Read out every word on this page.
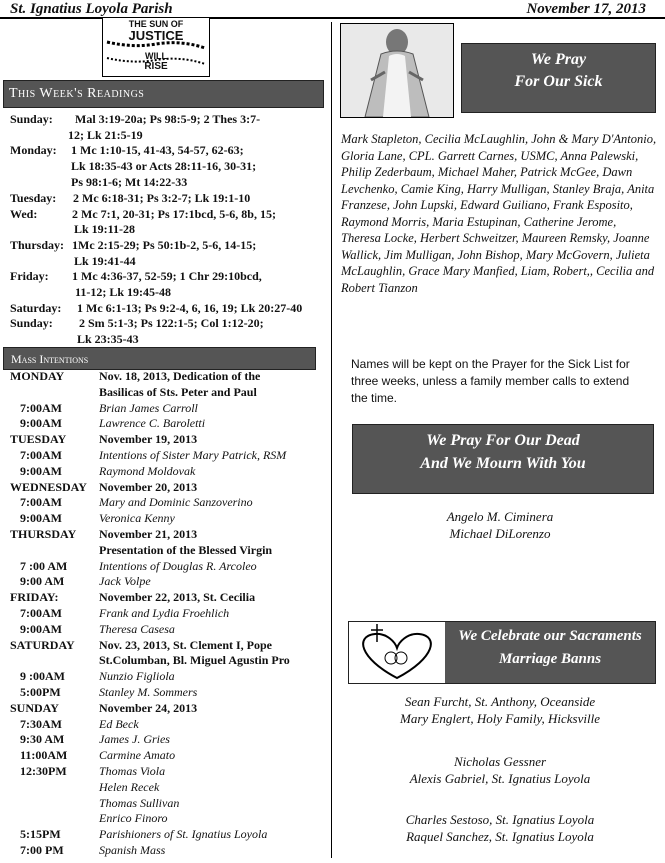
St. Ignatius Loyola Parish	November 17, 2013
THE SUN OF
JUSTICE
WILL
RISE
This Week's Readings
Sunday: Mal 3:19-20a; Ps 98:5-9; 2 Thes 3:7-
12; Lk 21:5-19
Monday: 1 Mc 1:10-15, 41-43, 54-57, 62-63;
Lk 18:35-43 or Acts 28:11-16, 30-31;
Ps 98:1-6; Mt 14:22-33
Tuesday: 2 Mc 6:18-31; Ps 3:2-7; Lk 19:1-10
Wed:	2 Mc 7:1, 20-31; Ps 17:1bcd, 5-6, 8b, 15;
Lk 19:11-28
Thursday: 1Mc 2:15-29; Ps 50:1b-2, 5-6, 14-15;
Lk 19:41-44
Friday: 1 Mc 4:36-37, 52-59; 1 Chr 29:10bcd,
11-12; Lk 19:45-48
Saturday: 1 Mc 6:1-13; Ps 9:2-4, 6, 16, 19; Lk 20:27-40
Sunday: 2 Sm 5:1-3; Ps 122:1-5; Col 1:12-20;
Lk 23:35-43
Mass Intentions
MONDAY	Nov. 18, 2013, Dedication of the
Basilicas of Sts. Peter and Paul
7:00AM	Brian James Carroll
9:00AM	Lawrence C. Baroletti
TUESDAY	November 19, 2013
7:00AM	Intentions of Sister Mary Patrick, RSM
9:00AM	Raymond Moldovak
WEDNESDAY November 20, 2013
7:00AM	Mary and Dominic Sanzoverino
9:00AM	Veronica Kenny
THURSDAY November 21, 2013
Presentation of the Blessed Virgin
7 :00 AM	Intentions of Douglas R. Arcoleo
9:00 AM	Jack Volpe
FRIDAY:	November 22, 2013, St. Cecilia
7:00AM	Frank and Lydia Froehlich
9:00AM	Theresa Casesa
SATURDAY Nov. 23, 2013, St. Clement I, Pope
St.Columban, Bl. Miguel Agustin Pro
9 :00AM	Nunzio Figliola
5:00PM	Stanley M. Sommers
SUNDAY	November 24, 2013
7:30AM	Ed Beck
9:30 AM	James J. Gries
11:00AM	Carmine Amato
12:30PM	Thomas Viola
Helen Recek
Thomas Sullivan
Enrico Finoro
5:15PM	Parishioners of St. Ignatius Loyola
7:00 PM	Spanish Mass
We Pray
For Our Sick
Mark Stapleton, Cecilia McLaughlin, John & Mary D'Antonio, Gloria Lane, CPL. Garrett Carnes, USMC, Anna Palewski, Philip Zederbaum, Michael Maher, Patrick McGee, Dawn Levchenko, Camie King, Harry Mulligan, Stanley Braja, Anita Franzese, John Lupski, Edward Guiliano, Frank Esposito, Raymond Morris, Maria Estupinan, Catherine Jerome, Theresa Locke, Herbert Schweitzer, Maureen Remsky, Joanne Wallick, Jim Mulligan, John Bishop, Mary McGovern, Julieta McLaughlin, Grace Mary Manfied, Liam, Robert,, Cecilia and Robert Tianzon
Names will be kept on the Prayer for the Sick List for three weeks, unless a family member calls to extend the time.
We Pray For Our Dead
And We Mourn With You
Angelo M. Ciminera
Michael DiLorenzo
We Celebrate our Sacraments
Marriage Banns
Sean Furcht, St. Anthony, Oceanside
Mary Englert, Holy Family, Hicksville
Nicholas Gessner
Alexis Gabriel, St. Ignatius Loyola
Charles Sestoso, St. Ignatius Loyola
Raquel Sanchez, St. Ignatius Loyola
